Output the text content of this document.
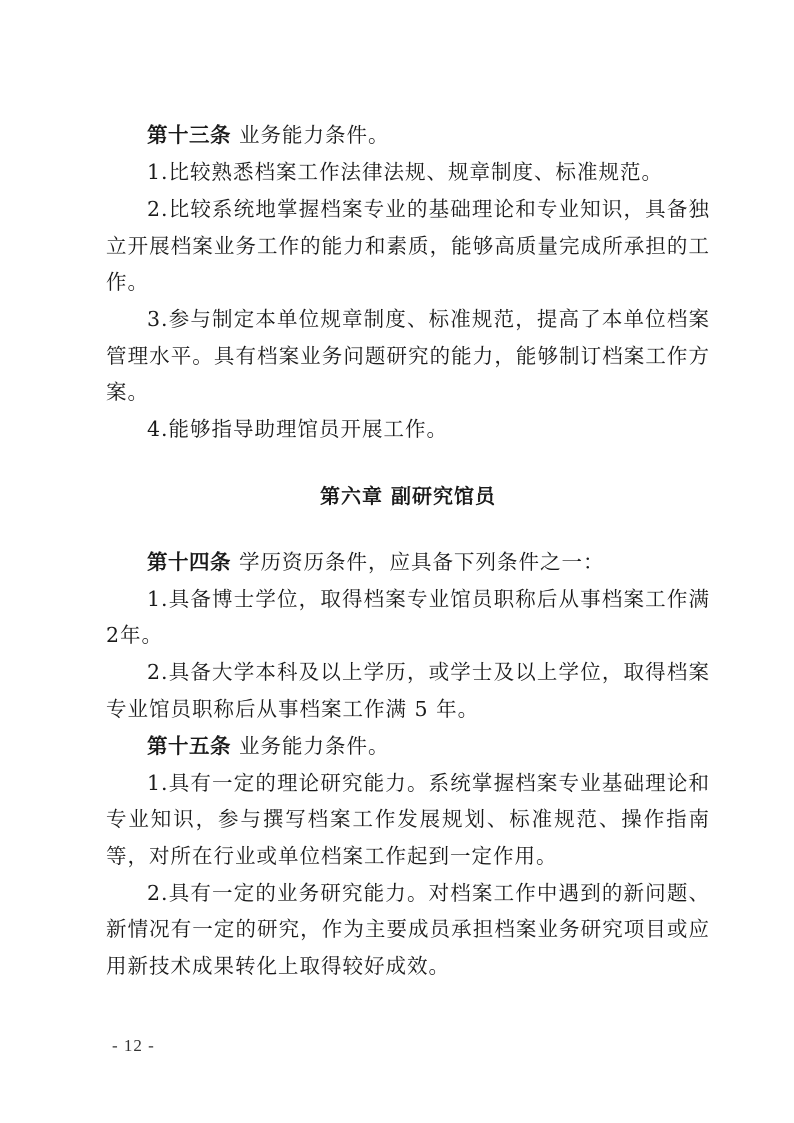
第十三条 业务能力条件。

1.比较熟悉档案工作法律法规、规章制度、标准规范。

2.比较系统地掌握档案专业的基础理论和专业知识，具备独立开展档案业务工作的能力和素质，能够高质量完成所承担的工作。

3.参与制定本单位规章制度、标准规范，提高了本单位档案管理水平。具有档案业务问题研究的能力，能够制订档案工作方案。

4.能够指导助理馆员开展工作。

第六章 副研究馆员

第十四条 学历资历条件，应具备下列条件之一：

1.具备博士学位，取得档案专业馆员职称后从事档案工作满2年。

2.具备大学本科及以上学历，或学士及以上学位，取得档案专业馆员职称后从事档案工作满 5 年。

第十五条 业务能力条件。

1.具有一定的理论研究能力。系统掌握档案专业基础理论和专业知识，参与撰写档案工作发展规划、标准规范、操作指南等，对所在行业或单位档案工作起到一定作用。

2.具有一定的业务研究能力。对档案工作中遇到的新问题、新情况有一定的研究，作为主要成员承担档案业务研究项目或应用新技术成果转化上取得较好成效。

- 12 -
